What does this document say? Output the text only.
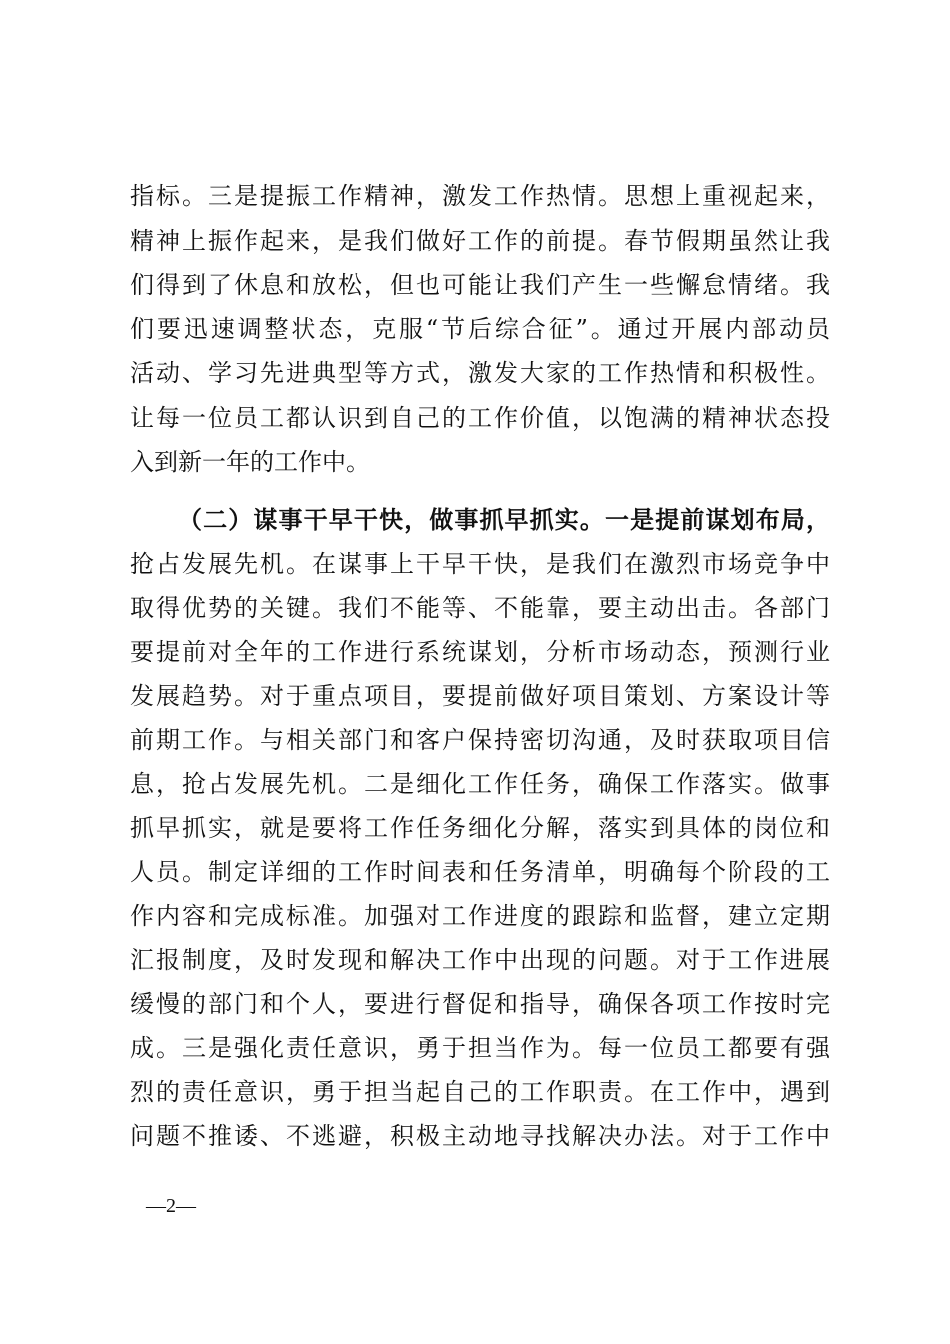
指标。三是提振工作精神，激发工作热情。思想上重视起来，
精神上振作起来，是我们做好工作的前提。春节假期虽然让我
们得到了休息和放松，但也可能让我们产生一些懈怠情绪。我
们要迅速调整状态，克服“节后综合征”。通过开展内部动员
活动、学习先进典型等方式，激发大家的工作热情和积极性。
让每一位员工都认识到自己的工作价值，以饱满的精神状态投
入到新一年的工作中。
（二）谋事干早干快，做事抓早抓实。一是提前谋划布局，
抢占发展先机。在谋事上干早干快，是我们在激烈市场竞争中
取得优势的关键。我们不能等、不能靠，要主动出击。各部门
要提前对全年的工作进行系统谋划，分析市场动态，预测行业
发展趋势。对于重点项目，要提前做好项目策划、方案设计等
前期工作。与相关部门和客户保持密切沟通，及时获取项目信
息，抢占发展先机。二是细化工作任务，确保工作落实。做事
抓早抓实，就是要将工作任务细化分解，落实到具体的岗位和
人员。制定详细的工作时间表和任务清单，明确每个阶段的工
作内容和完成标准。加强对工作进度的跟踪和监督，建立定期
汇报制度，及时发现和解决工作中出现的问题。对于工作进展
缓慢的部门和个人，要进行督促和指导，确保各项工作按时完
成。三是强化责任意识，勇于担当作为。每一位员工都要有强
烈的责任意识，勇于担当起自己的工作职责。在工作中，遇到
问题不推诿、不逃避，积极主动地寻找解决办法。对于工作中
—2—
